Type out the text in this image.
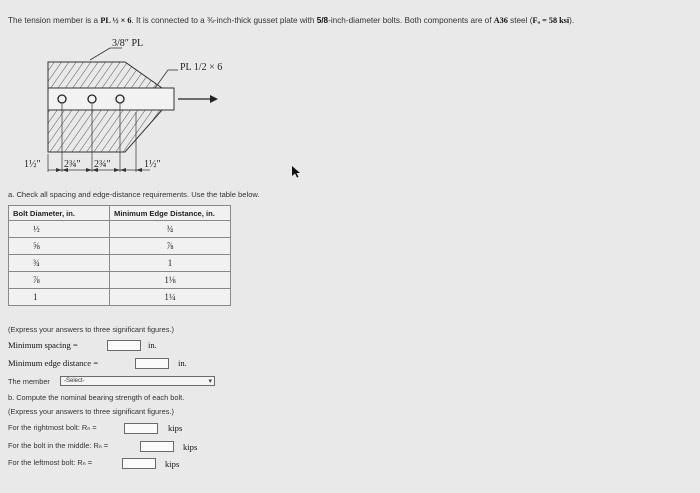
The tension member is a PL ½ × 6. It is connected to a ⅜-inch-thick gusset plate with 5/8-inch-diameter bolts. Both components are of A36 steel (Fᵤ = 58 ksi).
3/8″ PL
PL 1/2 × 6
1½″ 2¾″ 2¾″	1½″
a. Check all spacing and edge-distance requirements. Use the table below.
Bolt Diameter, in.	Minimum Edge Distance, in.
½	¾
⅝	⅞
¾	1
⅞	1⅛
1	1¼
(Express your answers to three significant figures.)
Minimum spacing =	in.
Minimum edge distance =	in.
The member	-Select-	▾
b. Compute the nominal bearing strength of each bolt.
(Express your answers to three significant figures.)
For the rightmost bolt: Rₙ =	kips
For the bolt in the middle: Rₙ =	kips
For the leftmost bolt: Rₙ =	kips
